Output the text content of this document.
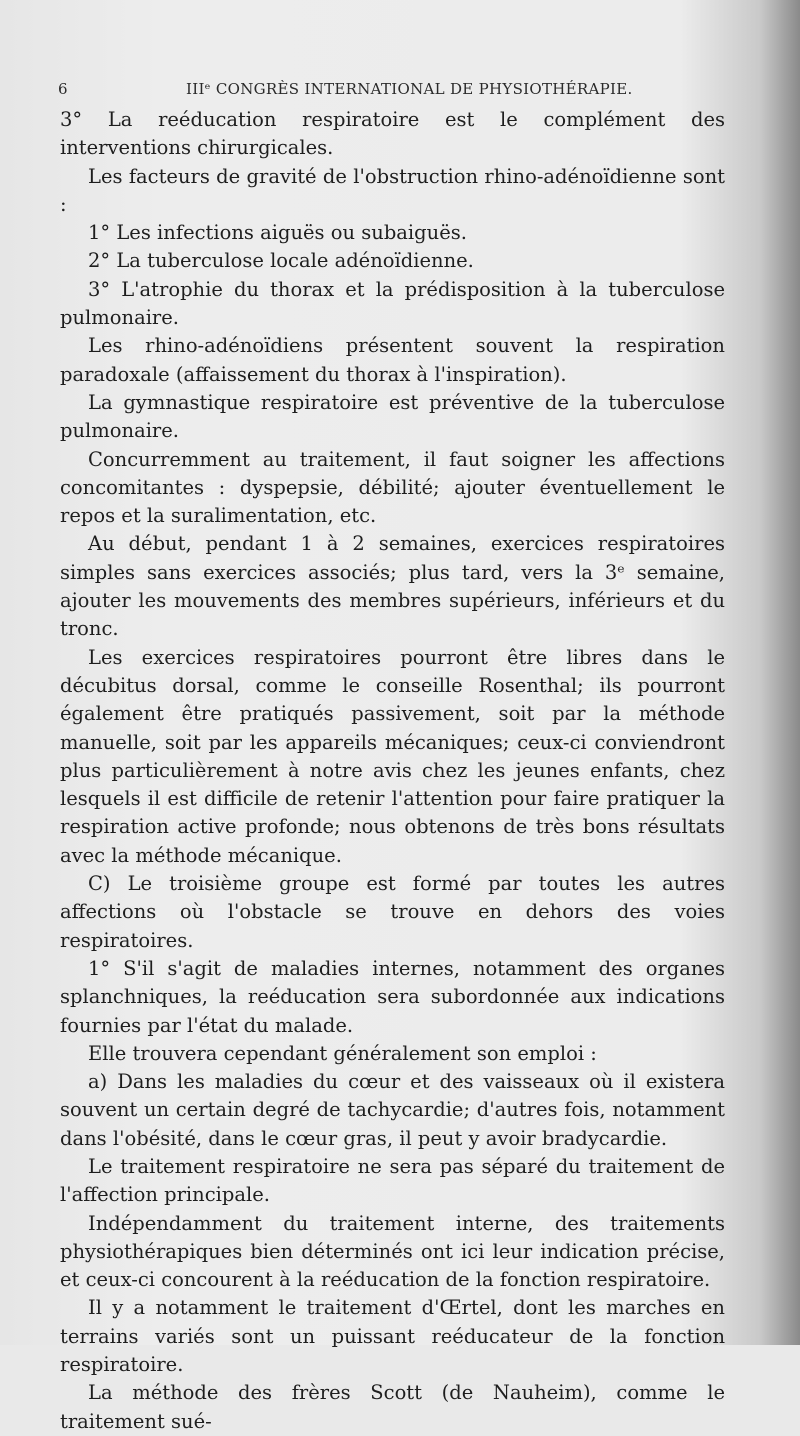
6	IIIᵉ CONGRÈS INTERNATIONAL DE PHYSIOTHÉRAPIE.

3° La reéducation respiratoire est le complément des interventions chirurgicales.

Les facteurs de gravité de l'obstruction rhino-adénoïdienne sont :

1° Les infections aiguës ou subaiguës.

2° La tuberculose locale adénoïdienne.

3° L'atrophie du thorax et la prédisposition à la tuberculose pulmonaire.

Les rhino-adénoïdiens présentent souvent la respiration paradoxale (affaissement du thorax à l'inspiration).

La gymnastique respiratoire est préventive de la tuberculose pulmonaire.

Concurremment au traitement, il faut soigner les affections concomitantes : dyspepsie, débilité; ajouter éventuellement le repos et la suralimentation, etc.

Au début, pendant 1 à 2 semaines, exercices respiratoires simples sans exercices associés; plus tard, vers la 3ᵉ semaine, ajouter les mouvements des membres supérieurs, inférieurs et du tronc.

Les exercices respiratoires pourront être libres dans le décubitus dorsal, comme le conseille Rosenthal; ils pourront également être pratiqués passivement, soit par la méthode manuelle, soit par les appareils mécaniques; ceux-ci conviendront plus particulièrement à notre avis chez les jeunes enfants, chez lesquels il est difficile de retenir l'attention pour faire pratiquer la respiration active profonde; nous obtenons de très bons résultats avec la méthode mécanique.

C) Le troisième groupe est formé par toutes les autres affections où l'obstacle se trouve en dehors des voies respiratoires.

1° S'il s'agit de maladies internes, notamment des organes splanchniques, la reéducation sera subordonnée aux indications fournies par l'état du malade.

Elle trouvera cependant généralement son emploi :

a) Dans les maladies du cœur et des vaisseaux où il existera souvent un certain degré de tachycardie; d'autres fois, notamment dans l'obésité, dans le cœur gras, il peut y avoir bradycardie.

Le traitement respiratoire ne sera pas séparé du traitement de l'affection principale.

Indépendamment du traitement interne, des traitements physiothérapiques bien déterminés ont ici leur indication précise, et ceux-ci concourent à la reéducation de la fonction respiratoire.

Il y a notamment le traitement d'Œrtel, dont les marches en terrains variés sont un puissant reéducateur de la fonction respiratoire.

La méthode des frères Scott (de Nauheim), comme le traitement sué-
